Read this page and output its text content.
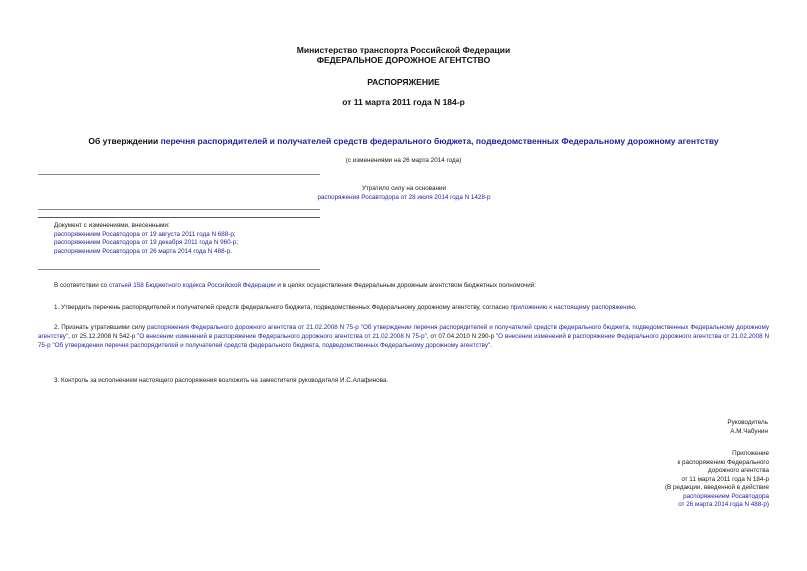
Министерство транспорта Российской Федерации
ФЕДЕРАЛЬНОЕ ДОРОЖНОЕ АГЕНТСТВО
РАСПОРЯЖЕНИЕ
от 11 марта 2011 года N 184-р
Об утверждении перечня распорядителей и получателей средств федерального бюджета, подведомственных Федеральному дорожному агентству
(с изменениями на 26 марта 2014 года)
Утратило силу на основании
распоряжения Росавтодора от 28 июля 2014 года N 1428-р
Документ с изменениями, внесенными:
распоряжением Росавтодора от 19 августа 2011 года N 688-р;
распоряжением Росавтодора от 19 декабря 2011 года N 960-р;
распоряжением Росавтодора от 26 марта 2014 года N 488-р.
В соответствии со статьей 158 Бюджетного кодекса Российской Федерации и в целях осуществления Федеральным дорожным агентством бюджетных полномочий:
1. Утвердить перечень распорядителей и получателей средств федерального бюджета, подведомственных Федеральному дорожному агентству, согласно приложению к настоящему распоряжению.
2. Признать утратившими силу распоряжения Федерального дорожного агентства от 21.02.2008 N 75-р "Об утверждении перечня распорядителей и получателей средств федерального бюджета, подведомственных Федеральному дорожному агентству", от 25.12.2008 N 542-р "О внесении изменений в распоряжение Федерального дорожного агентства от 21.02.2008 N 75-р", от 07.04.2010 N 290-р "О внесении изменений в распоряжение Федерального дорожного агентства от 21.02.2008 N 75-р "Об утверждении перечня распорядителей и получателей средств федерального бюджета, подведомственных Федеральному дорожному агентству".
3. Контроль за исполнением настоящего распоряжения возложить на заместителя руководителя И.С.Алафинова.
Руководитель
А.М.Чабунин
Приложение
к распоряжению Федерального
дорожного агентства
от 11 марта 2011 года N 184-р
(В редакции, введенной в действие
распоряжением Росавтодора
от 26 марта 2014 года N 488-р)
